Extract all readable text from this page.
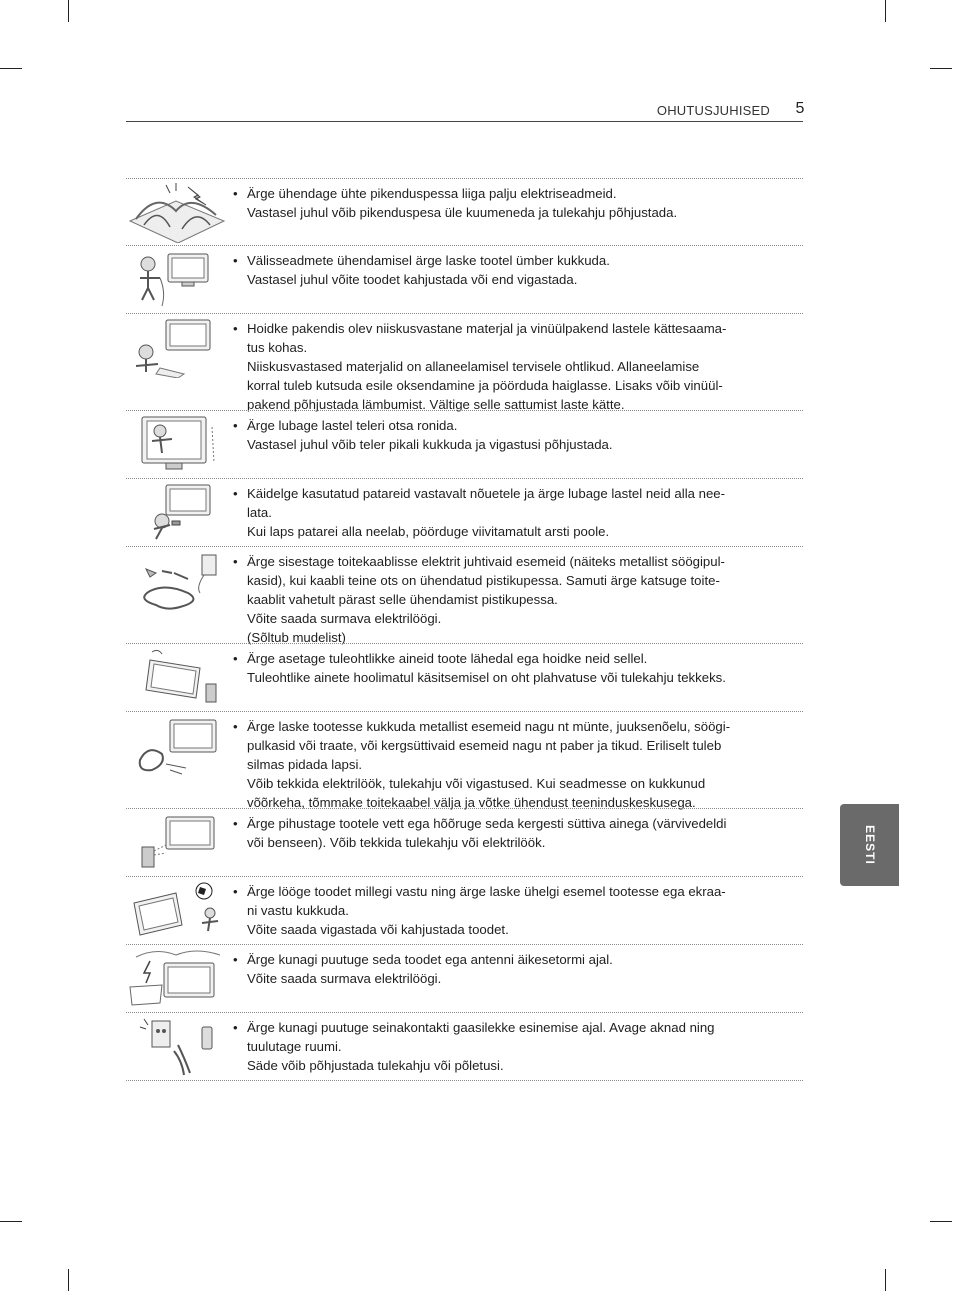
OHUTUSJUHISED	5
EESTI
• Ärge ühendage ühte pikenduspessa liiga palju elektriseadmeid.
Vastasel juhul võib pikenduspesa üle kuumeneda ja tulekahju põhjustada.
• Välisseadmete ühendamisel ärge laske tootel ümber kukkuda.
Vastasel juhul võite toodet kahjustada või end vigastada.
• Hoidke pakendis olev niiskusvastane materjal ja vinüülpakend lastele kättesaama-
tus kohas.
Niiskusvastased materjalid on allaneelamisel tervisele ohtlikud. Allaneelamise
korral tuleb kutsuda esile oksendamine ja pöörduda haiglasse. Lisaks võib vinüül-
pakend põhjustada lämbumist. Vältige selle sattumist laste kätte.
• Ärge lubage lastel teleri otsa ronida.
Vastasel juhul võib teler pikali kukkuda ja vigastusi põhjustada.
• Käidelge kasutatud patareid vastavalt nõuetele ja ärge lubage lastel neid alla nee-
lata.
Kui laps patarei alla neelab, pöörduge viivitamatult arsti poole.
• Ärge sisestage toitekaablisse elektrit juhtivaid esemeid (näiteks metallist söögipul-
kasid), kui kaabli teine ots on ühendatud pistikupessa. Samuti ärge katsuge toite-
kaablit vahetult pärast selle ühendamist pistikupessa.
Võite saada surmava elektrilöögi.
(Sõltub mudelist)
• Ärge asetage tuleohtlikke aineid toote lähedal ega hoidke neid sellel.
Tuleohtlike ainete hoolimatul käsitsemisel on oht plahvatuse või tulekahju tekkeks.
• Ärge laske tootesse kukkuda metallist esemeid nagu nt münte, juuksenõelu, söögi-
pulkasid või traate, või kergsüttivaid esemeid nagu nt paber ja tikud. Eriliselt tuleb
silmas pidada lapsi.
Võib tekkida elektrilöök, tulekahju või vigastused. Kui seadmesse on kukkunud
võõrkeha, tõmmake toitekaabel välja ja võtke ühendust teeninduskeskusega.
• Ärge pihustage tootele vett ega hõõruge seda kergesti süttiva ainega (värvivedeldi
või benseen). Võib tekkida tulekahju või elektrilöök.
• Ärge lööge toodet millegi vastu ning ärge laske ühelgi esemel tootesse ega ekraa-
ni vastu kukkuda.
Võite saada vigastada või kahjustada toodet.
• Ärge kunagi puutuge seda toodet ega antenni äikesetormi ajal.
Võite saada surmava elektrilöögi.
• Ärge kunagi puutuge seinakontakti gaasilekke esinemise ajal. Avage aknad ning
tuulutage ruumi.
Säde võib põhjustada tulekahju või põletusi.
